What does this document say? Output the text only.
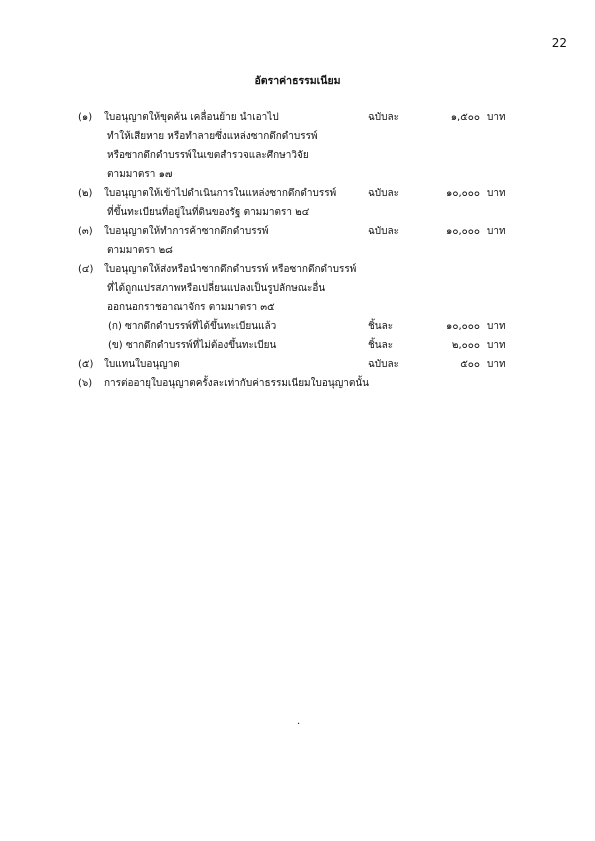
22
อัตราค่าธรรมเนียม
(๑) ใบอนุญาตให้ขุดค้น เคลื่อนย้าย นำเอาไป	ฉบับละ	๑,๕๐๐ บาท
ทำให้เสียหาย หรือทำลายซึ่งแหล่งซากดึกดำบรรพ์
หรือซากดึกดำบรรพ์ในเขตสำรวจและศึกษาวิจัย
ตามมาตรา ๑๗
(๒) ใบอนุญาตให้เข้าไปดำเนินการในแหล่งซากดึกดำบรรพ์	ฉบับละ	๑๐,๐๐๐ บาท
ที่ขึ้นทะเบียนที่อยู่ในที่ดินของรัฐ ตามมาตรา ๒๔
(๓) ใบอนุญาตให้ทำการค้าซากดึกดำบรรพ์	ฉบับละ	๑๐,๐๐๐ บาท
ตามมาตรา ๒๘
(๔) ใบอนุญาตให้ส่งหรือนำซากดึกดำบรรพ์ หรือซากดึกดำบรรพ์
ที่ได้ถูกแปรสภาพหรือเปลี่ยนแปลงเป็นรูปลักษณะอื่น
ออกนอกราชอาณาจักร ตามมาตรา ๓๕
(ก) ซากดึกดำบรรพ์ที่ได้ขึ้นทะเบียนแล้ว	ชิ้นละ	๑๐,๐๐๐ บาท
(ข) ซากดึกดำบรรพ์ที่ไม่ต้องขึ้นทะเบียน	ชิ้นละ	๒,๐๐๐ บาท
(๕) ใบแทนใบอนุญาต	ฉบับละ	๕๐๐ บาท
(๖) การต่ออายุใบอนุญาตครั้งละเท่ากับค่าธรรมเนียมใบอนุญาตนั้น
.
